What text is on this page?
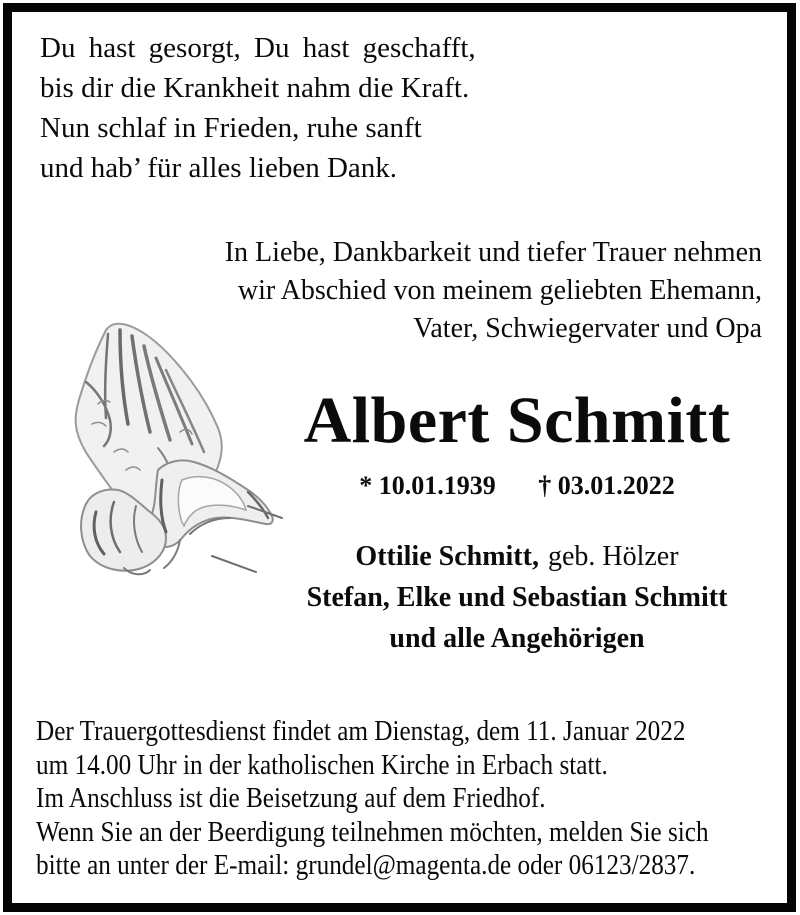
Du hast gesorgt, Du hast geschafft,
bis dir die Krankheit nahm die Kraft.
Nun schlaf in Frieden, ruhe sanft
und hab’ für alles lieben Dank.
In Liebe, Dankbarkeit und tiefer Trauer nehmen
wir Abschied von meinem geliebten Ehemann,
Vater, Schwiegervater und Opa
Albert Schmitt
* 10.01.1939 † 03.01.2022
Ottilie Schmitt, geb. Hölzer
Stefan, Elke und Sebastian Schmitt
und alle Angehörigen
Der Trauergottesdienst findet am Dienstag, dem 11. Januar 2022
um 14.00 Uhr in der katholischen Kirche in Erbach statt.
Im Anschluss ist die Beisetzung auf dem Friedhof.
Wenn Sie an der Beerdigung teilnehmen möchten, melden Sie sich
bitte an unter der E-mail: grundel@magenta.de oder 06123/2837.
